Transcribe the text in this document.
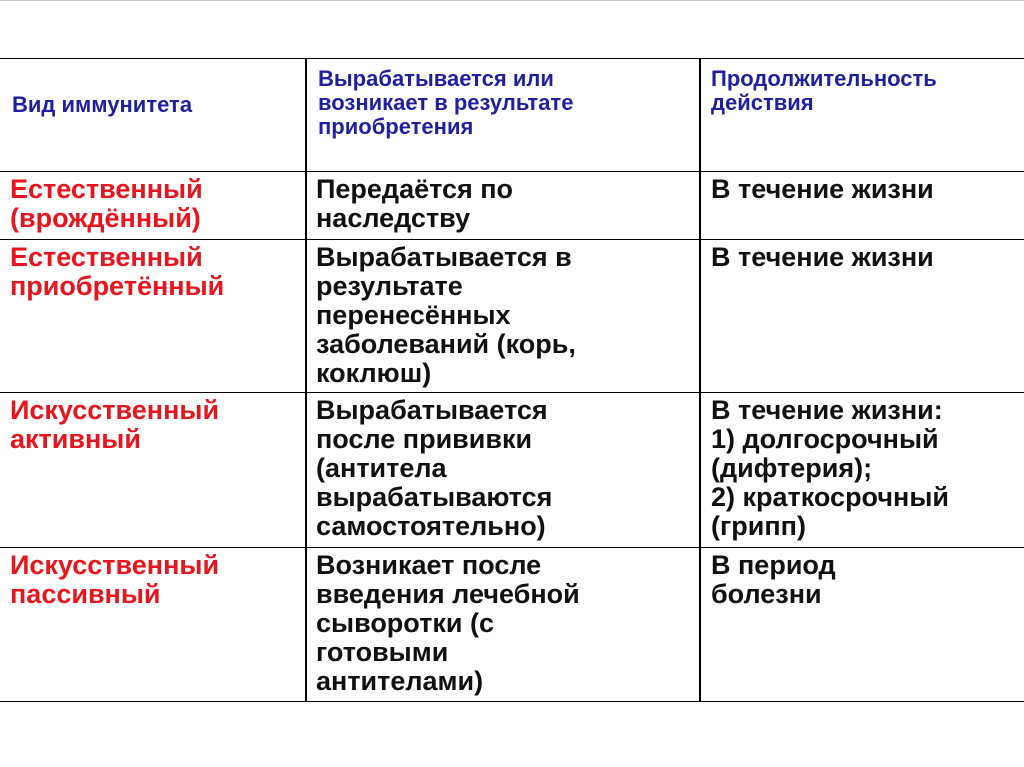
Вид иммунитета
Вырабатывается или
возникает в результате
приобретения
Продолжительность
действия
Естественный
(врождённый)
Передаётся по
наследству
В течение жизни
Естественный
приобретённый
Вырабатывается в
результате
перенесённых
заболеваний (корь,
коклюш)
В течение жизни
Искусственный
активный
Вырабатывается
после прививки
(антитела
вырабатываются
самостоятельно)
В течение жизни:
1) долгосрочный
(дифтерия);
2) краткосрочный
(грипп)
Искусственный
пассивный
Возникает после
введения лечебной
сыворотки (с
готовыми
антителами)
В период
болезни
